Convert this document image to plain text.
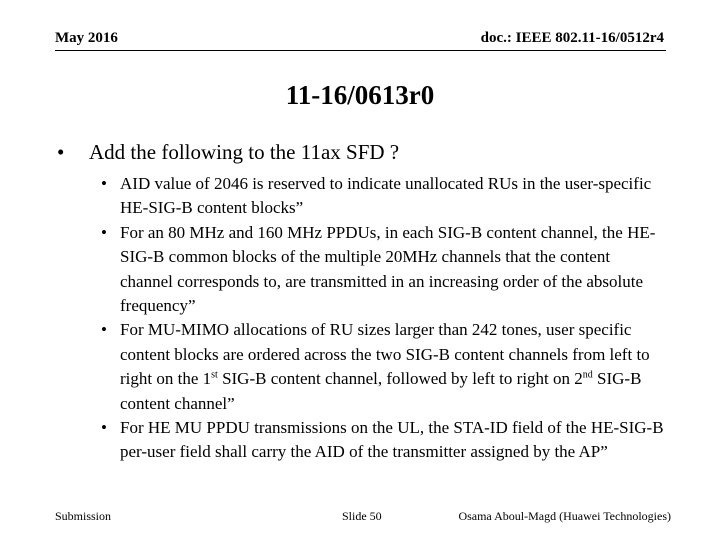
May 2016	doc.: IEEE 802.11-16/0512r4
11-16/0613r0
• Add the following to the 11ax SFD ?
• AID value of 2046 is reserved to indicate unallocated RUs in the user-specific HE-SIG-B content blocks”
• For an 80 MHz and 160 MHz PPDUs, in each SIG-B content channel, the HE-SIG-B common blocks of the multiple 20MHz channels that the content channel corresponds to, are transmitted in an increasing order of the absolute frequency”
• For MU-MIMO allocations of RU sizes larger than 242 tones, user specific content blocks are ordered across the two SIG-B content channels from left to right on the 1st SIG-B content channel, followed by left to right on 2nd SIG-B content channel”
• For HE MU PPDU transmissions on the UL, the STA-ID field of the HE-SIG-B per-user field shall carry the AID of the transmitter assigned by the AP”
Submission	Slide 50	Osama Aboul-Magd (Huawei Technologies)
